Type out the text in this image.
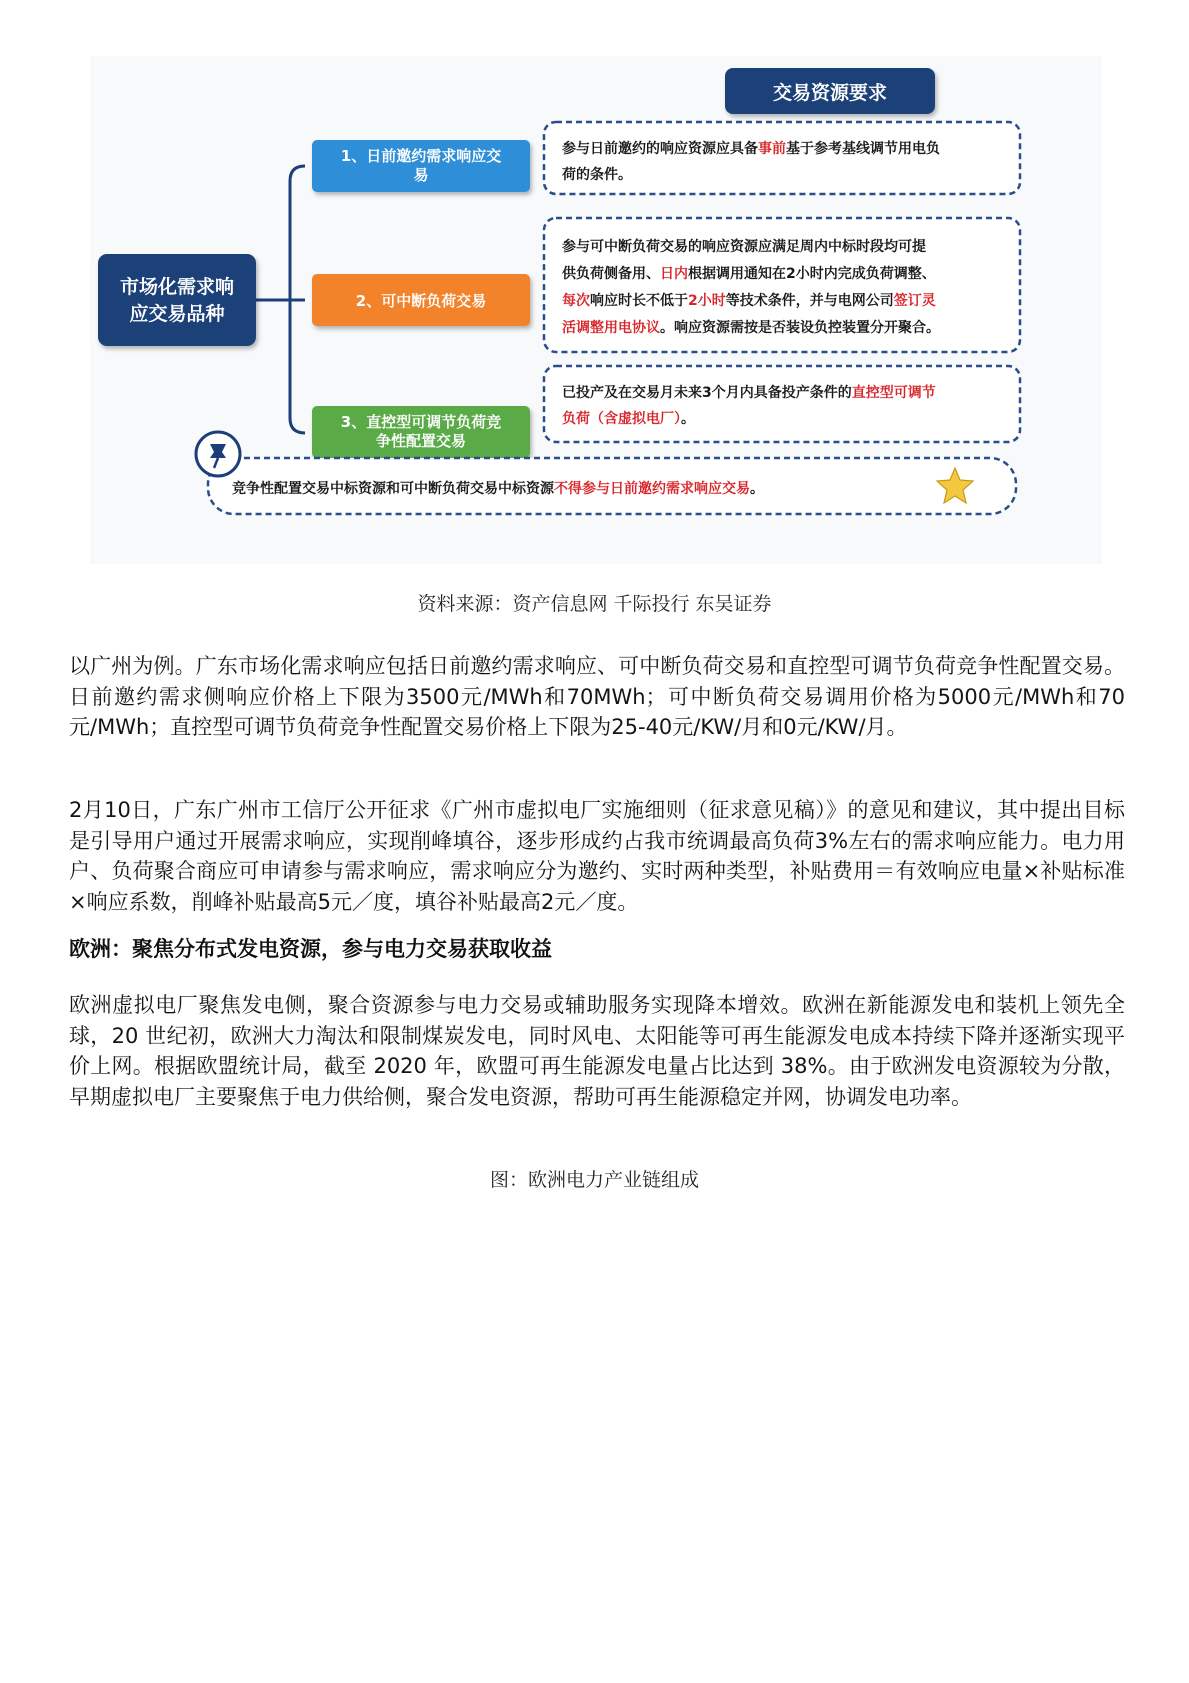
交易资源要求
市场化需求响
应交易品种
1、日前邀约需求响应交
易
2、可中断负荷交易
3、直控型可调节负荷竞
争性配置交易
参与日前邀约的响应资源应具备事前基于参考基线调节用电负
荷的条件。
参与可中断负荷交易的响应资源应满足周内中标时段均可提
供负荷侧备用、日内根据调用通知在2小时内完成负荷调整、
每次响应时长不低于2小时等技术条件，并与电网公司签订灵
活调整用电协议。响应资源需按是否装设负控装置分开聚合。
已投产及在交易月未来3个月内具备投产条件的直控型可调节
负荷（含虚拟电厂）。
竞争性配置交易中标资源和可中断负荷交易中标资源不得参与日前邀约需求响应交易。
资料来源：资产信息网 千际投行 东吴证券

以广州为例。广东市场化需求响应包括日前邀约需求响应、可中断负荷交易和直控型可调节负荷竞争性配置交易。日前邀约需求侧响应价格上下限为3500元/MWh和70MWh；可中断负荷交易调用价格为5000元/MWh和70元/MWh；直控型可调节负荷竞争性配置交易价格上下限为25-40元/KW/月和0元/KW/月。

2月10日，广东广州市工信厅公开征求《广州市虚拟电厂实施细则（征求意见稿）》的意见和建议，其中提出目标是引导用户通过开展需求响应，实现削峰填谷，逐步形成约占我市统调最高负荷3%左右的需求响应能力。电力用户、负荷聚合商应可申请参与需求响应，需求响应分为邀约、实时两种类型，补贴费用＝有效响应电量×补贴标准×响应系数，削峰补贴最高5元／度，填谷补贴最高2元／度。

欧洲：聚焦分布式发电资源，参与电力交易获取收益

欧洲虚拟电厂聚焦发电侧，聚合资源参与电力交易或辅助服务实现降本增效。欧洲在新能源发电和装机上领先全球，20 世纪初，欧洲大力淘汰和限制煤炭发电，同时风电、太阳能等可再生能源发电成本持续下降并逐渐实现平价上网。根据欧盟统计局，截至 2020 年，欧盟可再生能源发电量占比达到 38%。由于欧洲发电资源较为分散，早期虚拟电厂主要聚焦于电力供给侧，聚合发电资源，帮助可再生能源稳定并网，协调发电功率。

图：欧洲电力产业链组成
